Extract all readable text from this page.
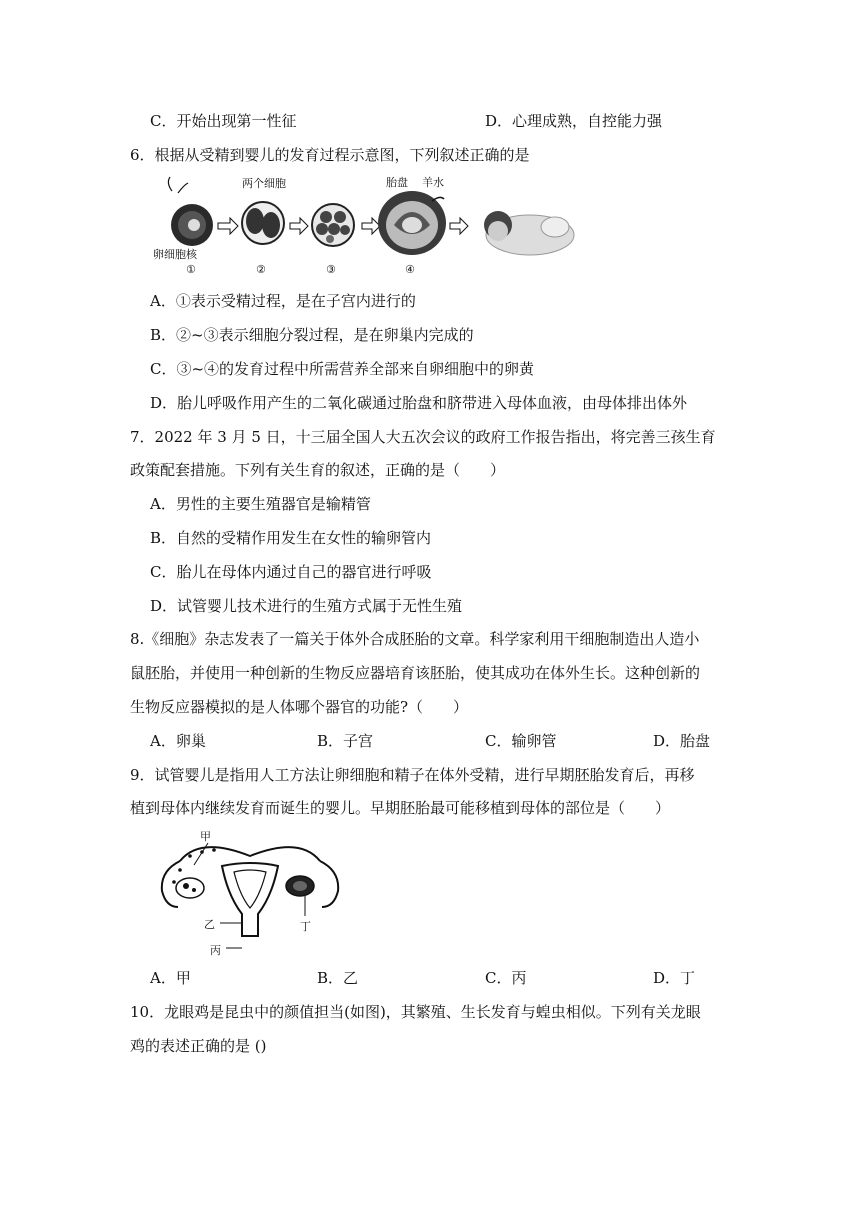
C．开始出现第一性征	D．心理成熟，自控能力强
6．根据从受精到婴儿的发育过程示意图，下列叙述正确的是
卵细胞核
①
两个细胞
②	③
胎盘 羊水
④
A．①表示受精过程，是在子宫内进行的
B．②~③表示细胞分裂过程，是在卵巢内完成的
C．③~④的发育过程中所需营养全部来自卵细胞中的卵黄
D．胎儿呼吸作用产生的二氧化碳通过胎盘和脐带进入母体血液，由母体排出体外
7．2022 年 3 月 5 日，十三届全国人大五次会议的政府工作报告指出，将完善三孩生育
政策配套措施。下列有关生育的叙述，正确的是（　　）
A．男性的主要生殖器官是输精管
B．自然的受精作用发生在女性的输卵管内
C．胎儿在母体内通过自己的器官进行呼吸
D．试管婴儿技术进行的生殖方式属于无性生殖
8.《细胞》杂志发表了一篇关于体外合成胚胎的文章。科学家利用干细胞制造出人造小
鼠胚胎，并使用一种创新的生物反应器培育该胚胎，使其成功在体外生长。这种创新的
生物反应器模拟的是人体哪个器官的功能?（　　）
A．卵巢	B．子宫	C．输卵管	D．胎盘
9．试管婴儿是指用人工方法让卵细胞和精子在体外受精，进行早期胚胎发育后，再移
植到母体内继续发育而诞生的婴儿。早期胚胎最可能移植到母体的部位是（　　）
甲
乙
丙
丁
A．甲	B．乙	C．丙	D．丁
10．龙眼鸡是昆虫中的颜值担当(如图)，其繁殖、生长发育与蝗虫相似。下列有关龙眼
鸡的表述正确的是 ()
